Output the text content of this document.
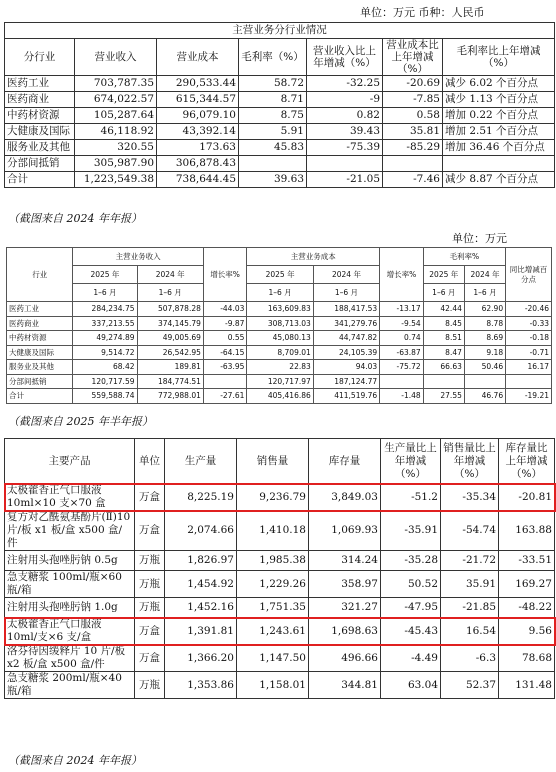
单位：万元 币种：人民币
主营业务分行业情况						
分行业	营业收入	营业成本	毛利率（%）	营业收入比上年增减（%）	营业成本比上年增减（%）	毛利率比上年增减（%）
医药工业	703,787.35	290,533.44	58.72	-32.25	-20.69	减少 6.02 个百分点
医药商业	674,022.57	615,344.57	8.71	-9	-7.85	减少 1.13 个百分点
中药材资源	105,287.64	96,079.10	8.75	0.82	0.58	增加 0.22 个百分点
大健康及国际	46,118.92	43,392.14	5.91	39.43	35.81	增加 2.51 个百分点
服务业及其他	320.55	173.63	45.83	-75.39	-85.29	增加 36.46 个百分点
分部间抵销	305,987.90	306,878.43				
合计	1,223,549.38	738,644.45	39.63	-21.05	-7.46	减少 8.87 个百分点
（截图来自 2024 年年报）
单位：万元
行业	主营业务收入		增长率%	主营业务成本		增长率%	毛利率%		同比增减百分点
	2025 年	2024 年		2025 年	2024 年		2025 年	2024 年	
	1–6 月	1–6 月		1–6 月	1–6 月		1–6 月	1–6 月	
医药工业	284,234.75	507,878.28	-44.03	163,609.83	188,417.53	-13.17	42.44	62.90	-20.46
医药商业	337,213.55	374,145.79	-9.87	308,713.03	341,279.76	-9.54	8.45	8.78	-0.33
中药材资源	49,274.89	49,005.69	0.55	45,080.13	44,747.82	0.74	8.51	8.69	-0.18
大健康及国际	9,514.72	26,542.95	-64.15	8,709.01	24,105.39	-63.87	8.47	9.18	-0.71
服务业及其他	68.42	189.81	-63.95	22.83	94.03	-75.72	66.63	50.46	16.17
分部间抵销	120,717.59	184,774.51		120,717.97	187,124.77				
合计	559,588.74	772,988.01	-27.61	405,416.86	411,519.76	-1.48	27.55	46.76	-19.21
（截图来自 2025 年半年报）
主要产品	单位	生产量	销售量	库存量	生产量比上年增减（%）	销售量比上年增减（%）	库存量比上年增减（%）
太极藿香正气口服液 10ml×10 支×70 盒	万盒	8,225.19	9,236.79	3,849.03	-51.2	-35.34	-20.81
复方对乙酰氨基酚片(Ⅱ)10 片/板 x1 板/盒 x500 盒/件	万盒	2,074.66	1,410.18	1,069.93	-35.91	-54.74	163.88
注射用头孢唑肟钠 0.5g	万瓶	1,826.97	1,985.38	314.24	-35.28	-21.72	-33.51
急支糖浆 100ml/瓶×60 瓶/箱	万瓶	1,454.92	1,229.26	358.97	50.52	35.91	169.27
注射用头孢唑肟钠 1.0g	万瓶	1,452.16	1,751.35	321.27	-47.95	-21.85	-48.22
太极藿香正气口服液 10ml/支×6 支/盒	万盒	1,391.81	1,243.61	1,698.63	-45.43	16.54	9.56
洛芬待因缓释片 10 片/板 x2 板/盒 x500 盒/件	万盒	1,366.20	1,147.50	496.66	-4.49	-6.3	78.68
急支糖浆 200ml/瓶×40 瓶/箱	万瓶	1,353.86	1,158.01	344.81	63.04	52.37	131.48
（截图来自 2024 年年报）
